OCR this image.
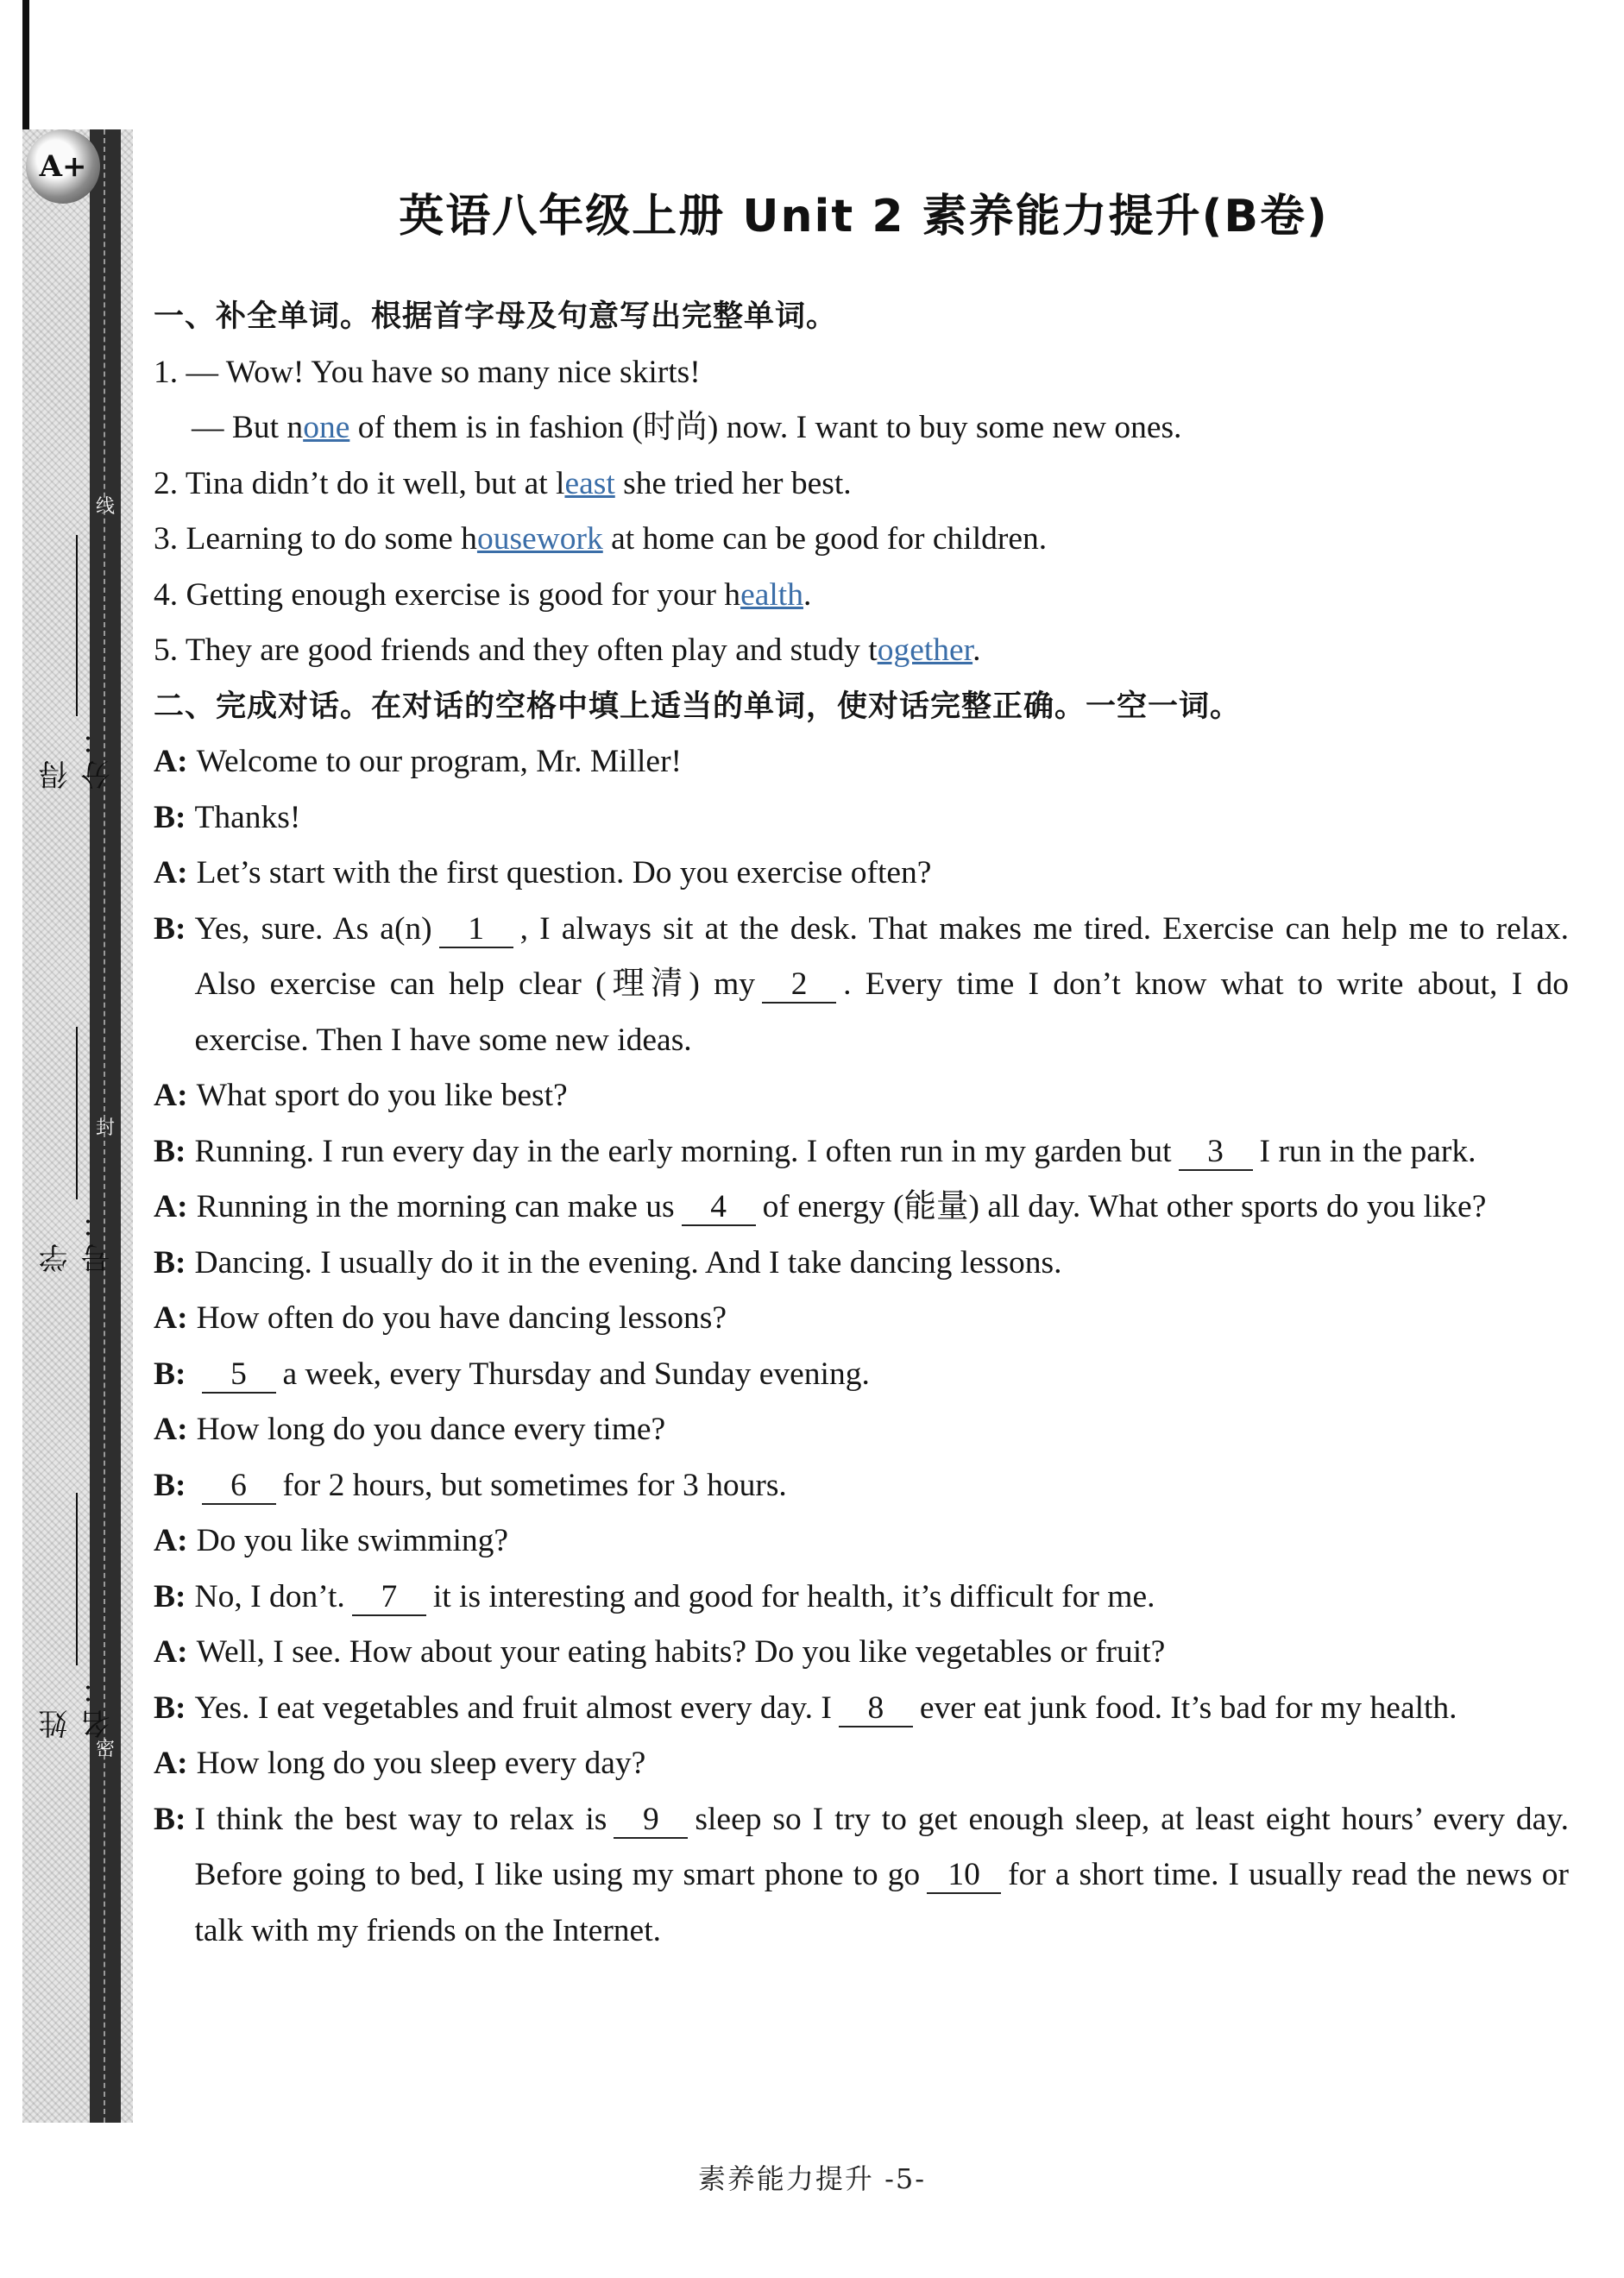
A+
线
封
密
得分：
学号：
姓名：
英语八年级上册 Unit 2 素养能力提升(B卷)
一、补全单词。根据首字母及句意写出完整单词。
1. — Wow! You have so many nice skirts!
— But none of them is in fashion (时尚) now. I want to buy some new ones.
2. Tina didn’t do it well, but at least she tried her best.
3. Learning to do some housework at home can be good for children.
4. Getting enough exercise is good for your health.
5. They are good friends and they often play and study together.
二、完成对话。在对话的空格中填上适当的单词，使对话完整正确。一空一词。
A: Welcome to our program, Mr. Miller!
B: Thanks!
A: Let’s start with the first question. Do you exercise often?
B: Yes, sure. As a(n) 1 , I always sit at the desk. That makes me tired. Exercise can help me to relax. Also exercise can help clear (理清) my 2 . Every time I don’t know what to write about, I do exercise. Then I have some new ideas.
A: What sport do you like best?
B: Running. I run every day in the early morning. I often run in my garden but 3 I run in the park.
A: Running in the morning can make us 4 of energy (能量) all day. What other sports do you like?
B: Dancing. I usually do it in the evening. And I take dancing lessons.
A: How often do you have dancing lessons?
B: 5 a week, every Thursday and Sunday evening.
A: How long do you dance every time?
B: 6 for 2 hours, but sometimes for 3 hours.
A: Do you like swimming?
B: No, I don’t. 7 it is interesting and good for health, it’s difficult for me.
A: Well, I see. How about your eating habits? Do you like vegetables or fruit?
B: Yes. I eat vegetables and fruit almost every day. I 8 ever eat junk food. It’s bad for my health.
A: How long do you sleep every day?
B: I think the best way to relax is 9 sleep so I try to get enough sleep, at least eight hours’ every day. Before going to bed, I like using my smart phone to go 10 for a short time. I usually read the news or talk with my friends on the Internet.
素养能力提升 -5-
